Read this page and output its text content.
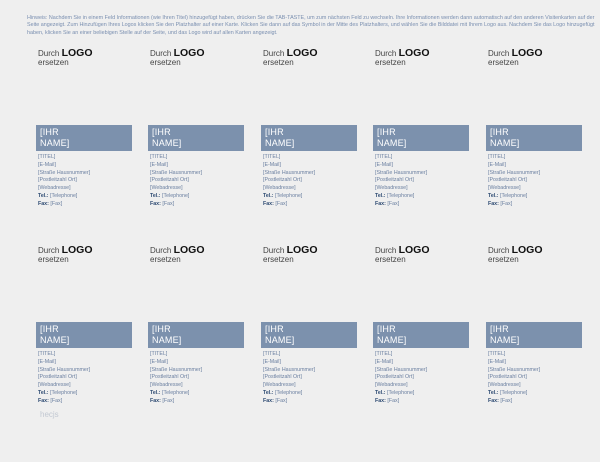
Hinweis: Nachdem Sie in einem Feld Informationen (wie Ihren Titel) hinzugefügt haben, drücken Sie die TAB-TASTE, um zum nächsten Feld zu wechseln. Ihre Informationen werden dann automatisch auf den anderen Visitenkarten auf der Seite angezeigt. Zum Hinzufügen Ihres Logos klicken Sie den Platzhalter auf einer Karte. Klicken Sie dann auf das Symbol in der Mitte des Platzhalters, und wählen Sie die Bilddatei mit Ihrem Logo aus. Nachdem Sie das Logo hinzugefügt haben, klicken Sie an einer beliebigen Stelle auf der Seite, und das Logo wird auf allen Karten angezeigt.
Durch LOGO
ersetzen
[IHR
NAME]
[TITEL]
[E-Mail]
[Straße Hausnummer]
[Postleitzahl Ort]
[Webadresse]
Tel.: [Telephone]
Fax: [Fax]
Durch LOGO
ersetzen
[IHR
NAME]
[TITEL]
[E-Mail]
[Straße Hausnummer]
[Postleitzahl Ort]
[Webadresse]
Tel.: [Telephone]
Fax: [Fax]
Durch LOGO
ersetzen
[IHR
NAME]
[TITEL]
[E-Mail]
[Straße Hausnummer]
[Postleitzahl Ort]
[Webadresse]
Tel.: [Telephone]
Fax: [Fax]
Durch LOGO
ersetzen
[IHR
NAME]
[TITEL]
[E-Mail]
[Straße Hausnummer]
[Postleitzahl Ort]
[Webadresse]
Tel.: [Telephone]
Fax: [Fax]
Durch LOGO
ersetzen
[IHR
NAME]
[TITEL]
[E-Mail]
[Straße Hausnummer]
[Postleitzahl Ort]
[Webadresse]
Tel.: [Telephone]
Fax: [Fax]
Durch LOGO
ersetzen
[IHR
NAME]
[TITEL]
[E-Mail]
[Straße Hausnummer]
[Postleitzahl Ort]
[Webadresse]
Tel.: [Telephone]
Fax: [Fax]
Durch LOGO
ersetzen
[IHR
NAME]
[TITEL]
[E-Mail]
[Straße Hausnummer]
[Postleitzahl Ort]
[Webadresse]
Tel.: [Telephone]
Fax: [Fax]
Durch LOGO
ersetzen
[IHR
NAME]
[TITEL]
[E-Mail]
[Straße Hausnummer]
[Postleitzahl Ort]
[Webadresse]
Tel.: [Telephone]
Fax: [Fax]
Durch LOGO
ersetzen
[IHR
NAME]
[TITEL]
[E-Mail]
[Straße Hausnummer]
[Postleitzahl Ort]
[Webadresse]
Tel.: [Telephone]
Fax: [Fax]
Durch LOGO
ersetzen
[IHR
NAME]
[TITEL]
[E-Mail]
[Straße Hausnummer]
[Postleitzahl Ort]
[Webadresse]
Tel.: [Telephone]
Fax: [Fax]
hecjs
